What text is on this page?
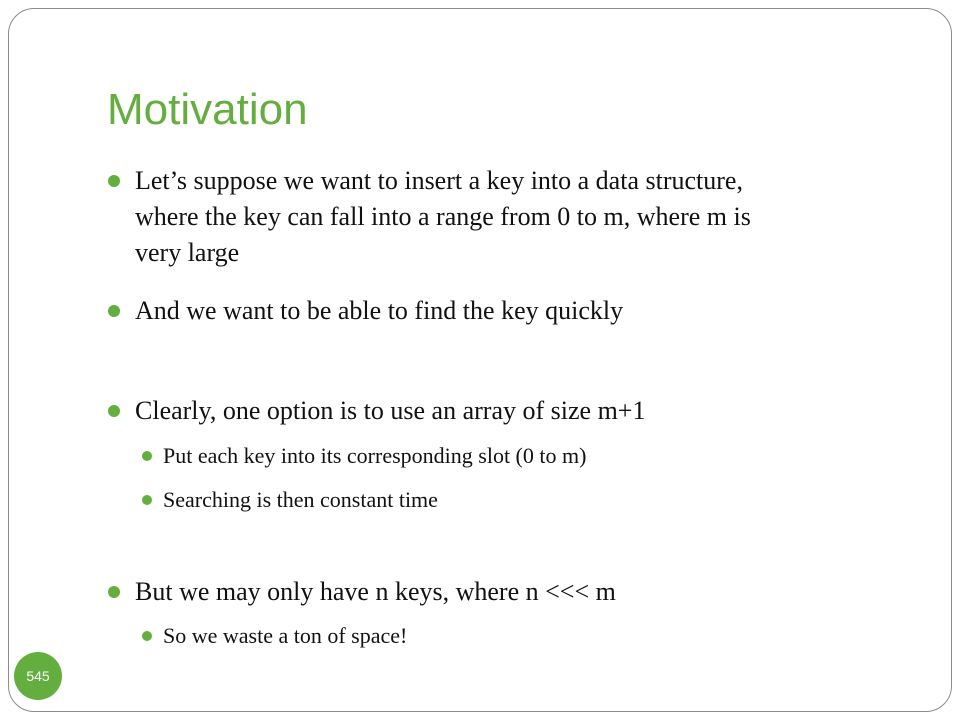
Motivation
Let’s suppose we want to insert a key into a data structure,
where the key can fall into a range from 0 to m, where m is
very large
And we want to be able to find the key quickly
Clearly, one option is to use an array of size m+1
Put each key into its corresponding slot (0 to m)
Searching is then constant time
But we may only have n keys, where n <<< m
So we waste a ton of space!
545
